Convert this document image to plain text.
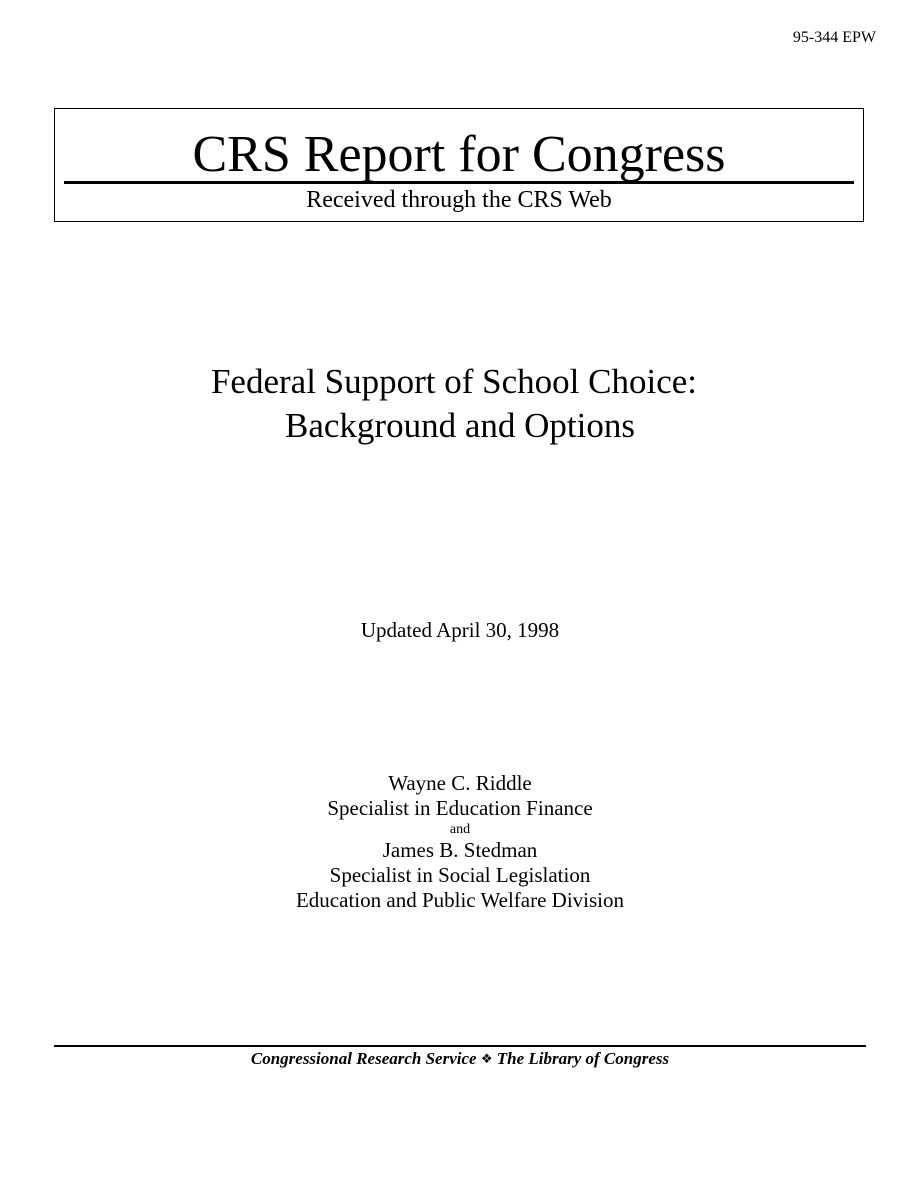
95-344 EPW
CRS Report for Congress
Received through the CRS Web
Federal Support of School Choice:
Background and Options
Updated April 30, 1998
Wayne C. Riddle
Specialist in Education Finance
and
James B. Stedman
Specialist in Social Legislation
Education and Public Welfare Division
Congressional Research Service ❖ The Library of Congress
